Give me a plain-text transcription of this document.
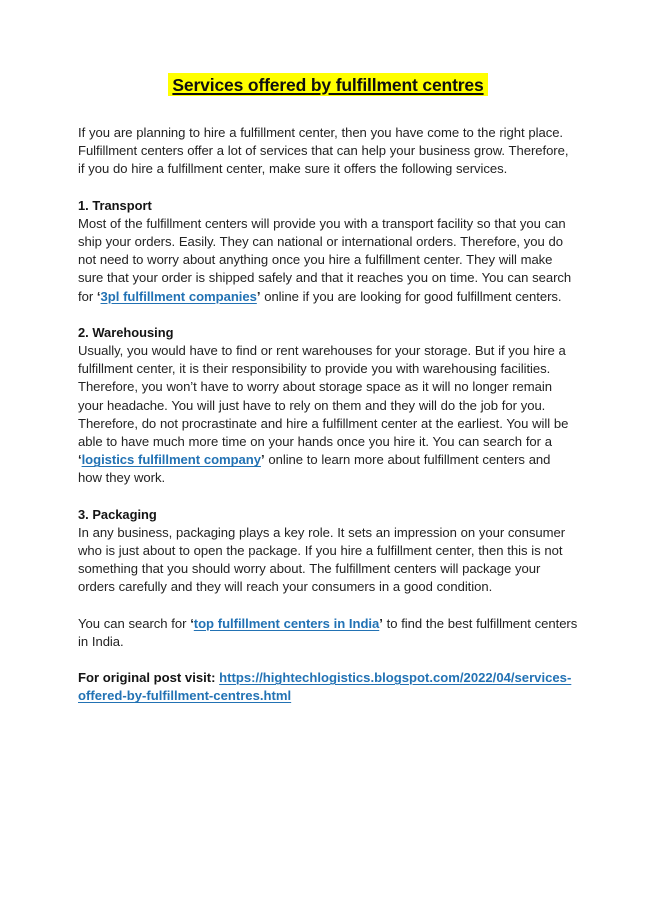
Services offered by fulfillment centres

If you are planning to hire a fulfillment center, then you have come to the right place. Fulfillment centers offer a lot of services that can help your business grow. Therefore, if you do hire a fulfillment center, make sure it offers the following services.

1. Transport

Most of the fulfillment centers will provide you with a transport facility so that you can ship your orders. Easily. They can national or international orders. Therefore, you do not need to worry about anything once you hire a fulfillment center. They will make sure that your order is shipped safely and that it reaches you on time. You can search for ‘3pl fulfillment companies’ online if you are looking for good fulfillment centers.

2. Warehousing

Usually, you would have to find or rent warehouses for your storage. But if you hire a fulfillment center, it is their responsibility to provide you with warehousing facilities. Therefore, you won’t have to worry about storage space as it will no longer remain your headache. You will just have to rely on them and they will do the job for you. Therefore, do not procrastinate and hire a fulfillment center at the earliest. You will be able to have much more time on your hands once you hire it. You can search for a ‘logistics fulfillment company’ online to learn more about fulfillment centers and how they work.

3. Packaging

In any business, packaging plays a key role. It sets an impression on your consumer who is just about to open the package. If you hire a fulfillment center, then this is not something that you should worry about. The fulfillment centers will package your orders carefully and they will reach your consumers in a good condition.

You can search for ‘top fulfillment centers in India’ to find the best fulfillment centers in India.

For original post visit: https://hightechlogistics.blogspot.com/2022/04/services-offered-by-fulfillment-centres.html
